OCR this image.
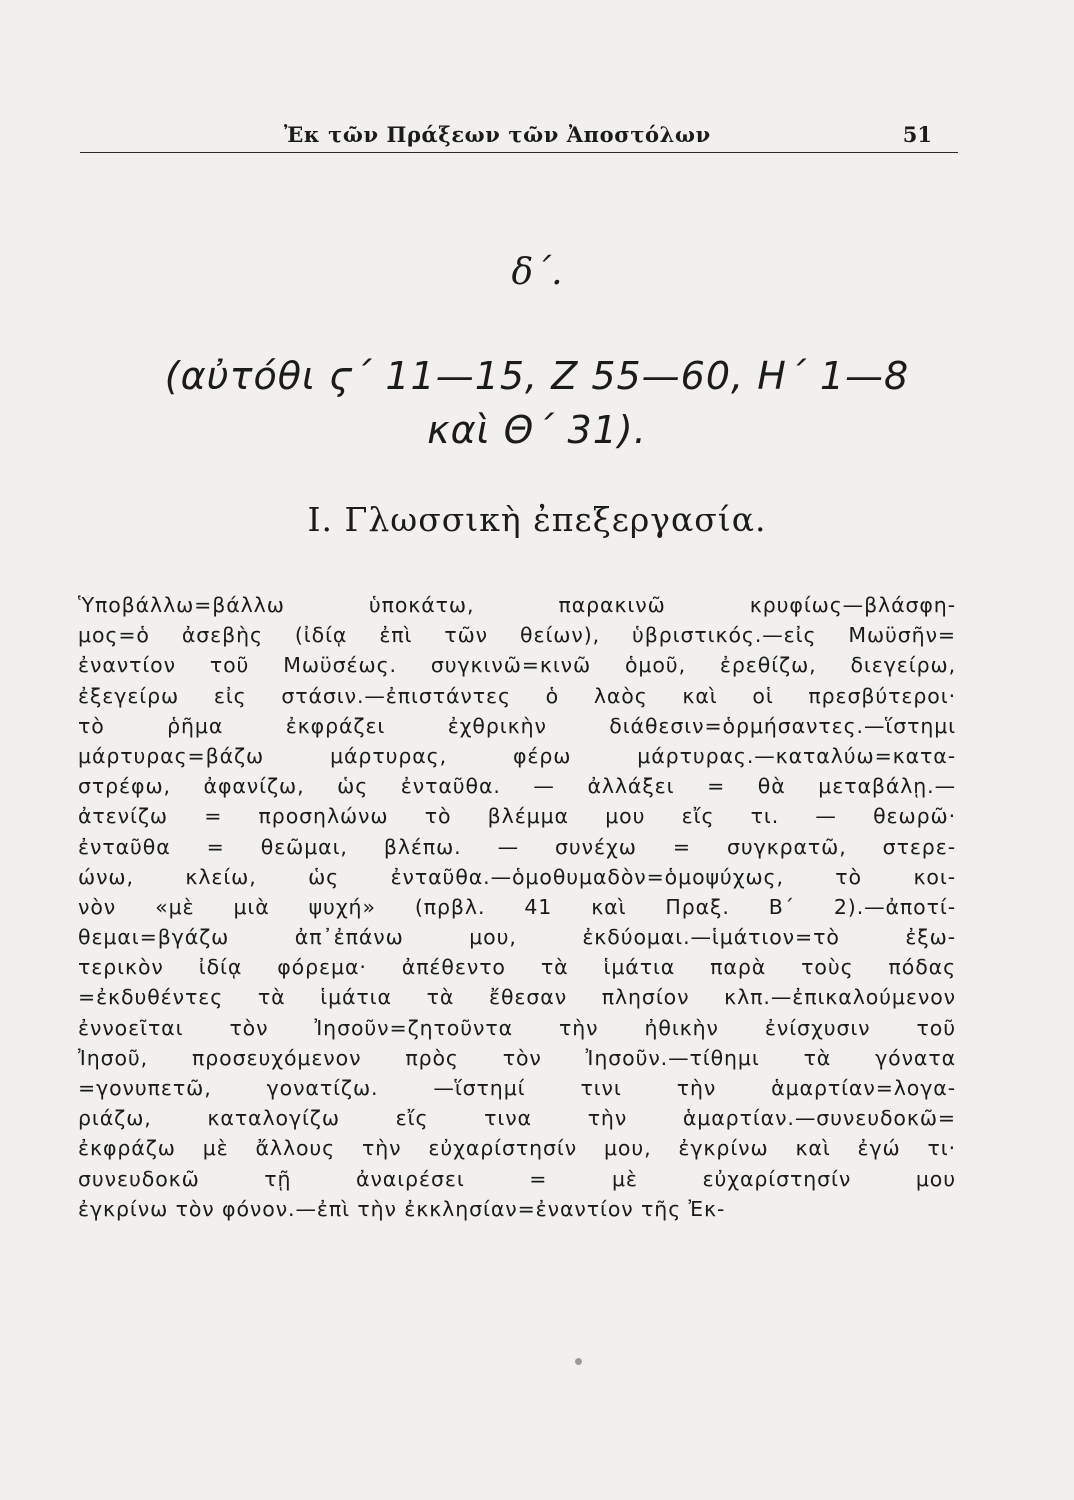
Ἐκ τῶν Πράξεων τῶν Ἀποστόλων	51
δ΄.
(αὐτόθι ϛ΄ 11—15, Ζ 55—60, Η΄ 1—8
καὶ Θ΄ 31).
Ι. Γλωσσικὴ ἐπεξεργασία.
Ὑποβάλλω=βάλλω ὑποκάτω, παρακινῶ κρυφίως—βλάσφη-
μος=ὁ ἀσεβὴς (ἰδίᾳ ἐπὶ τῶν θείων), ὑβριστικός.—εἰς Μωϋσῆν=
ἐναντίον τοῦ Μωϋσέως. συγκινῶ=κινῶ ὁμοῦ, ἐρεθίζω, διεγείρω,
ἐξεγείρω εἰς στάσιν.—ἐπιστάντες ὁ λαὸς καὶ οἱ πρεσβύτεροι·
τὸ ῥῆμα ἐκφράζει ἐχθρικὴν διάθεσιν=ὁρμήσαντες.—ἵστημι
μάρτυρας=βάζω μάρτυρας, φέρω μάρτυρας.—καταλύω=κατα-
στρέφω, ἀφανίζω, ὡς ἐνταῦθα. — ἀλλάξει = θὰ μεταβάλῃ.—
ἀτενίζω = προσηλώνω τὸ βλέμμα μου εἴς τι. — θεωρῶ·
ἐνταῦθα = θεῶμαι, βλέπω. — συνέχω = συγκρατῶ, στερε-
ώνω, κλείω, ὡς ἐνταῦθα.—ὁμοθυμαδὸν=ὁμοψύχως, τὸ κοι-
νὸν «μὲ μιὰ ψυχή» (πρβλ. 41 καὶ Πραξ. Β΄ 2).—ἀποτί-
θεμαι=βγάζω ἀπ᾽ἐπάνω μου, ἐκδύομαι.—ἱμάτιον=τὸ ἐξω-
τερικὸν ἰδίᾳ φόρεμα· ἀπέθεντο τὰ ἱμάτια παρὰ τοὺς πόδας
=ἐκδυθέντες τὰ ἱμάτια τὰ ἔθεσαν πλησίον κλπ.—ἐπικαλούμενον
ἐννοεῖται τὸν Ἰησοῦν=ζητοῦντα τὴν ἠθικὴν ἐνίσχυσιν τοῦ
Ἰησοῦ, προσευχόμενον πρὸς τὸν Ἰησοῦν.—τίθημι τὰ γόνατα
=γονυπετῶ, γονατίζω. —ἵστημί τινι τὴν ἁμαρτίαν=λογα-
ριάζω, καταλογίζω εἴς τινα τὴν ἁμαρτίαν.—συνευδοκῶ=
ἐκφράζω μὲ ἄλλους τὴν εὐχαρίστησίν μου, ἐγκρίνω καὶ ἐγώ τι·
συνευδοκῶ τῇ ἀναιρέσει = μὲ εὐχαρίστησίν μου
ἐγκρίνω τὸν φόνον.—ἐπὶ τὴν ἐκκλησίαν=ἐναντίον τῆς Ἐκ-
